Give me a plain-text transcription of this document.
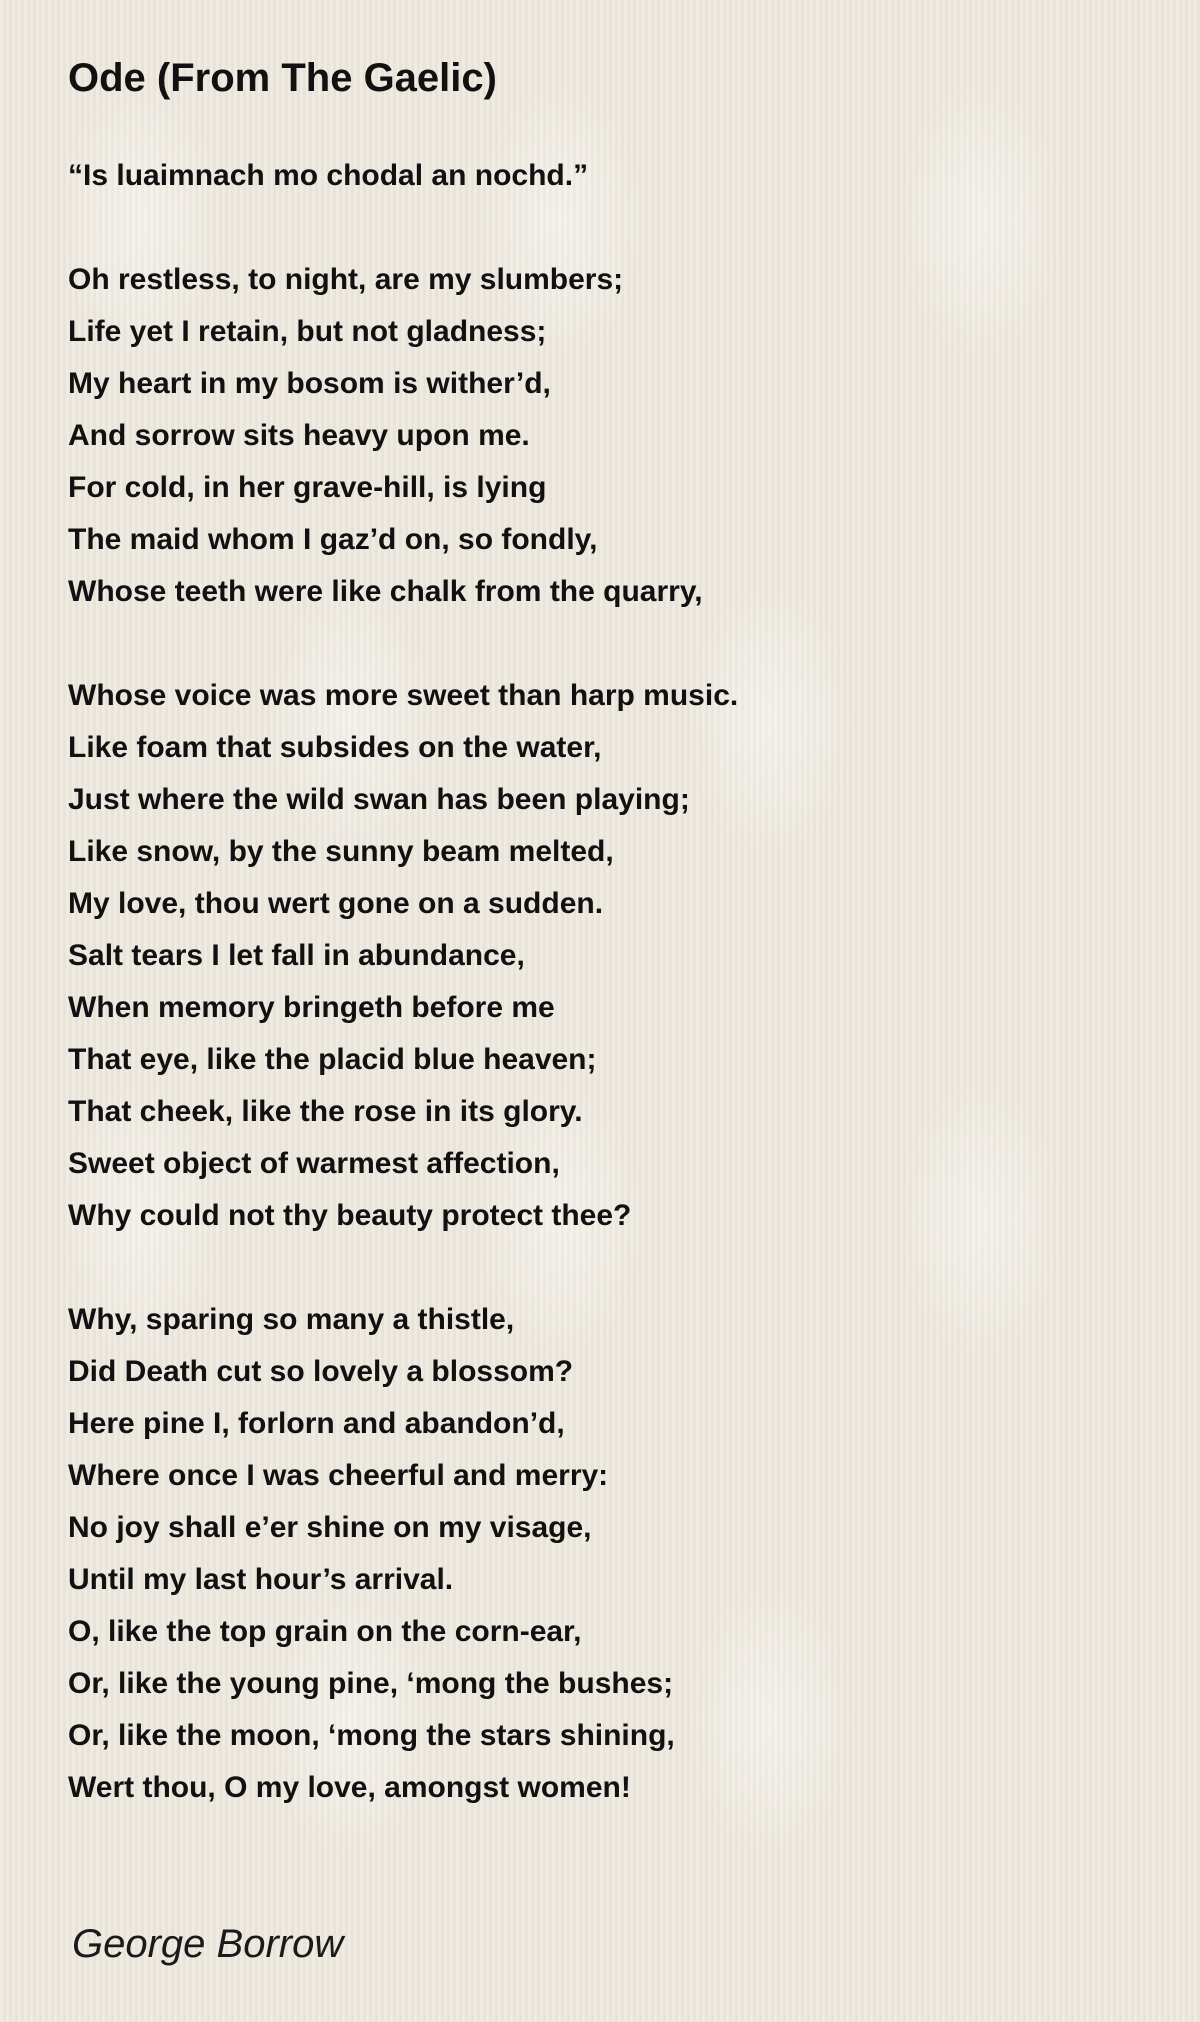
Ode (From The Gaelic)
“Is luaimnach mo chodal an nochd.”
Oh restless, to night, are my slumbers;
Life yet I retain, but not gladness;
My heart in my bosom is wither’d,
And sorrow sits heavy upon me.
For cold, in her grave-hill, is lying
The maid whom I gaz’d on, so fondly,
Whose teeth were like chalk from the quarry,
Whose voice was more sweet than harp music.
Like foam that subsides on the water,
Just where the wild swan has been playing;
Like snow, by the sunny beam melted,
My love, thou wert gone on a sudden.
Salt tears I let fall in abundance,
When memory bringeth before me
That eye, like the placid blue heaven;
That cheek, like the rose in its glory.
Sweet object of warmest affection,
Why could not thy beauty protect thee?
Why, sparing so many a thistle,
Did Death cut so lovely a blossom?
Here pine I, forlorn and abandon’d,
Where once I was cheerful and merry:
No joy shall e’er shine on my visage,
Until my last hour’s arrival.
O, like the top grain on the corn-ear,
Or, like the young pine, ‘mong the bushes;
Or, like the moon, ‘mong the stars shining,
Wert thou, O my love, amongst women!
George Borrow
